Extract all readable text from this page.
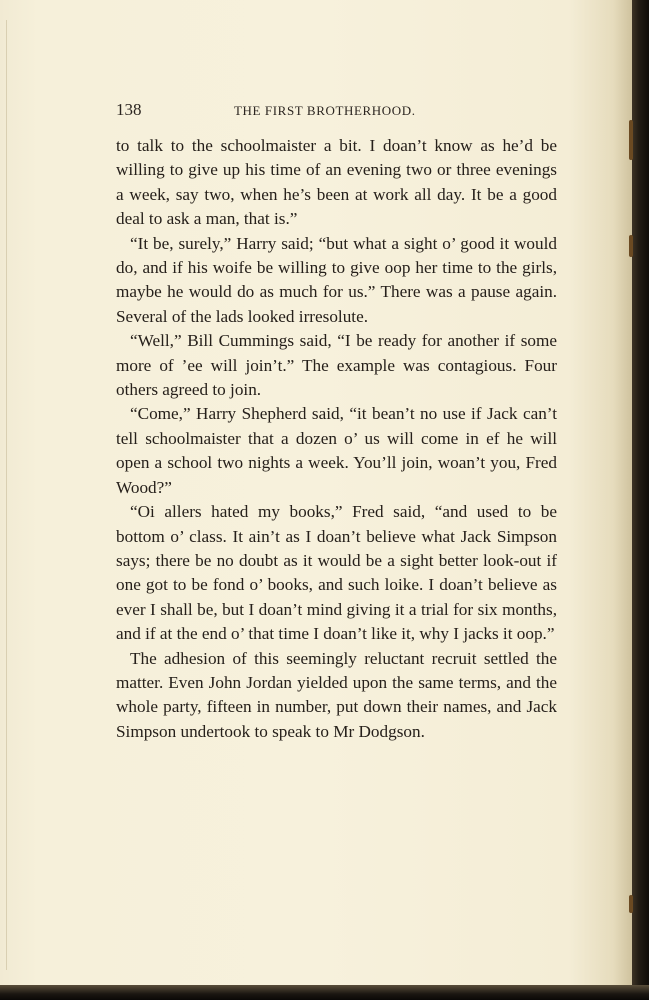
138	THE FIRST BROTHERHOOD.

to talk to the schoolmaister a bit. I doan’t know as he’d be willing to give up his time of an evening two or three evenings a week, say two, when he’s been at work all day. It be a good deal to ask a man, that is.”

“It be, surely,” Harry said; “but what a sight o’ good it would do, and if his woife be willing to give oop her time to the girls, maybe he would do as much for us.” There was a pause again. Several of the lads looked irresolute.

“Well,” Bill Cummings said, “I be ready for another if some more of ’ee will join’t.” The example was contagious. Four others agreed to join.

“Come,” Harry Shepherd said, “it bean’t no use if Jack can’t tell schoolmaister that a dozen o’ us will come in ef he will open a school two nights a week. You’ll join, woan’t you, Fred Wood?”

“Oi allers hated my books,” Fred said, “and used to be bottom o’ class. It ain’t as I doan’t believe what Jack Simpson says; there be no doubt as it would be a sight better look-out if one got to be fond o’ books, and such loike. I doan’t believe as ever I shall be, but I doan’t mind giving it a trial for six months, and if at the end o’ that time I doan’t like it, why I jacks it oop.”

The adhesion of this seemingly reluctant recruit settled the matter. Even John Jordan yielded upon the same terms, and the whole party, fifteen in number, put down their names, and Jack Simpson undertook to speak to Mr Dodgson.
